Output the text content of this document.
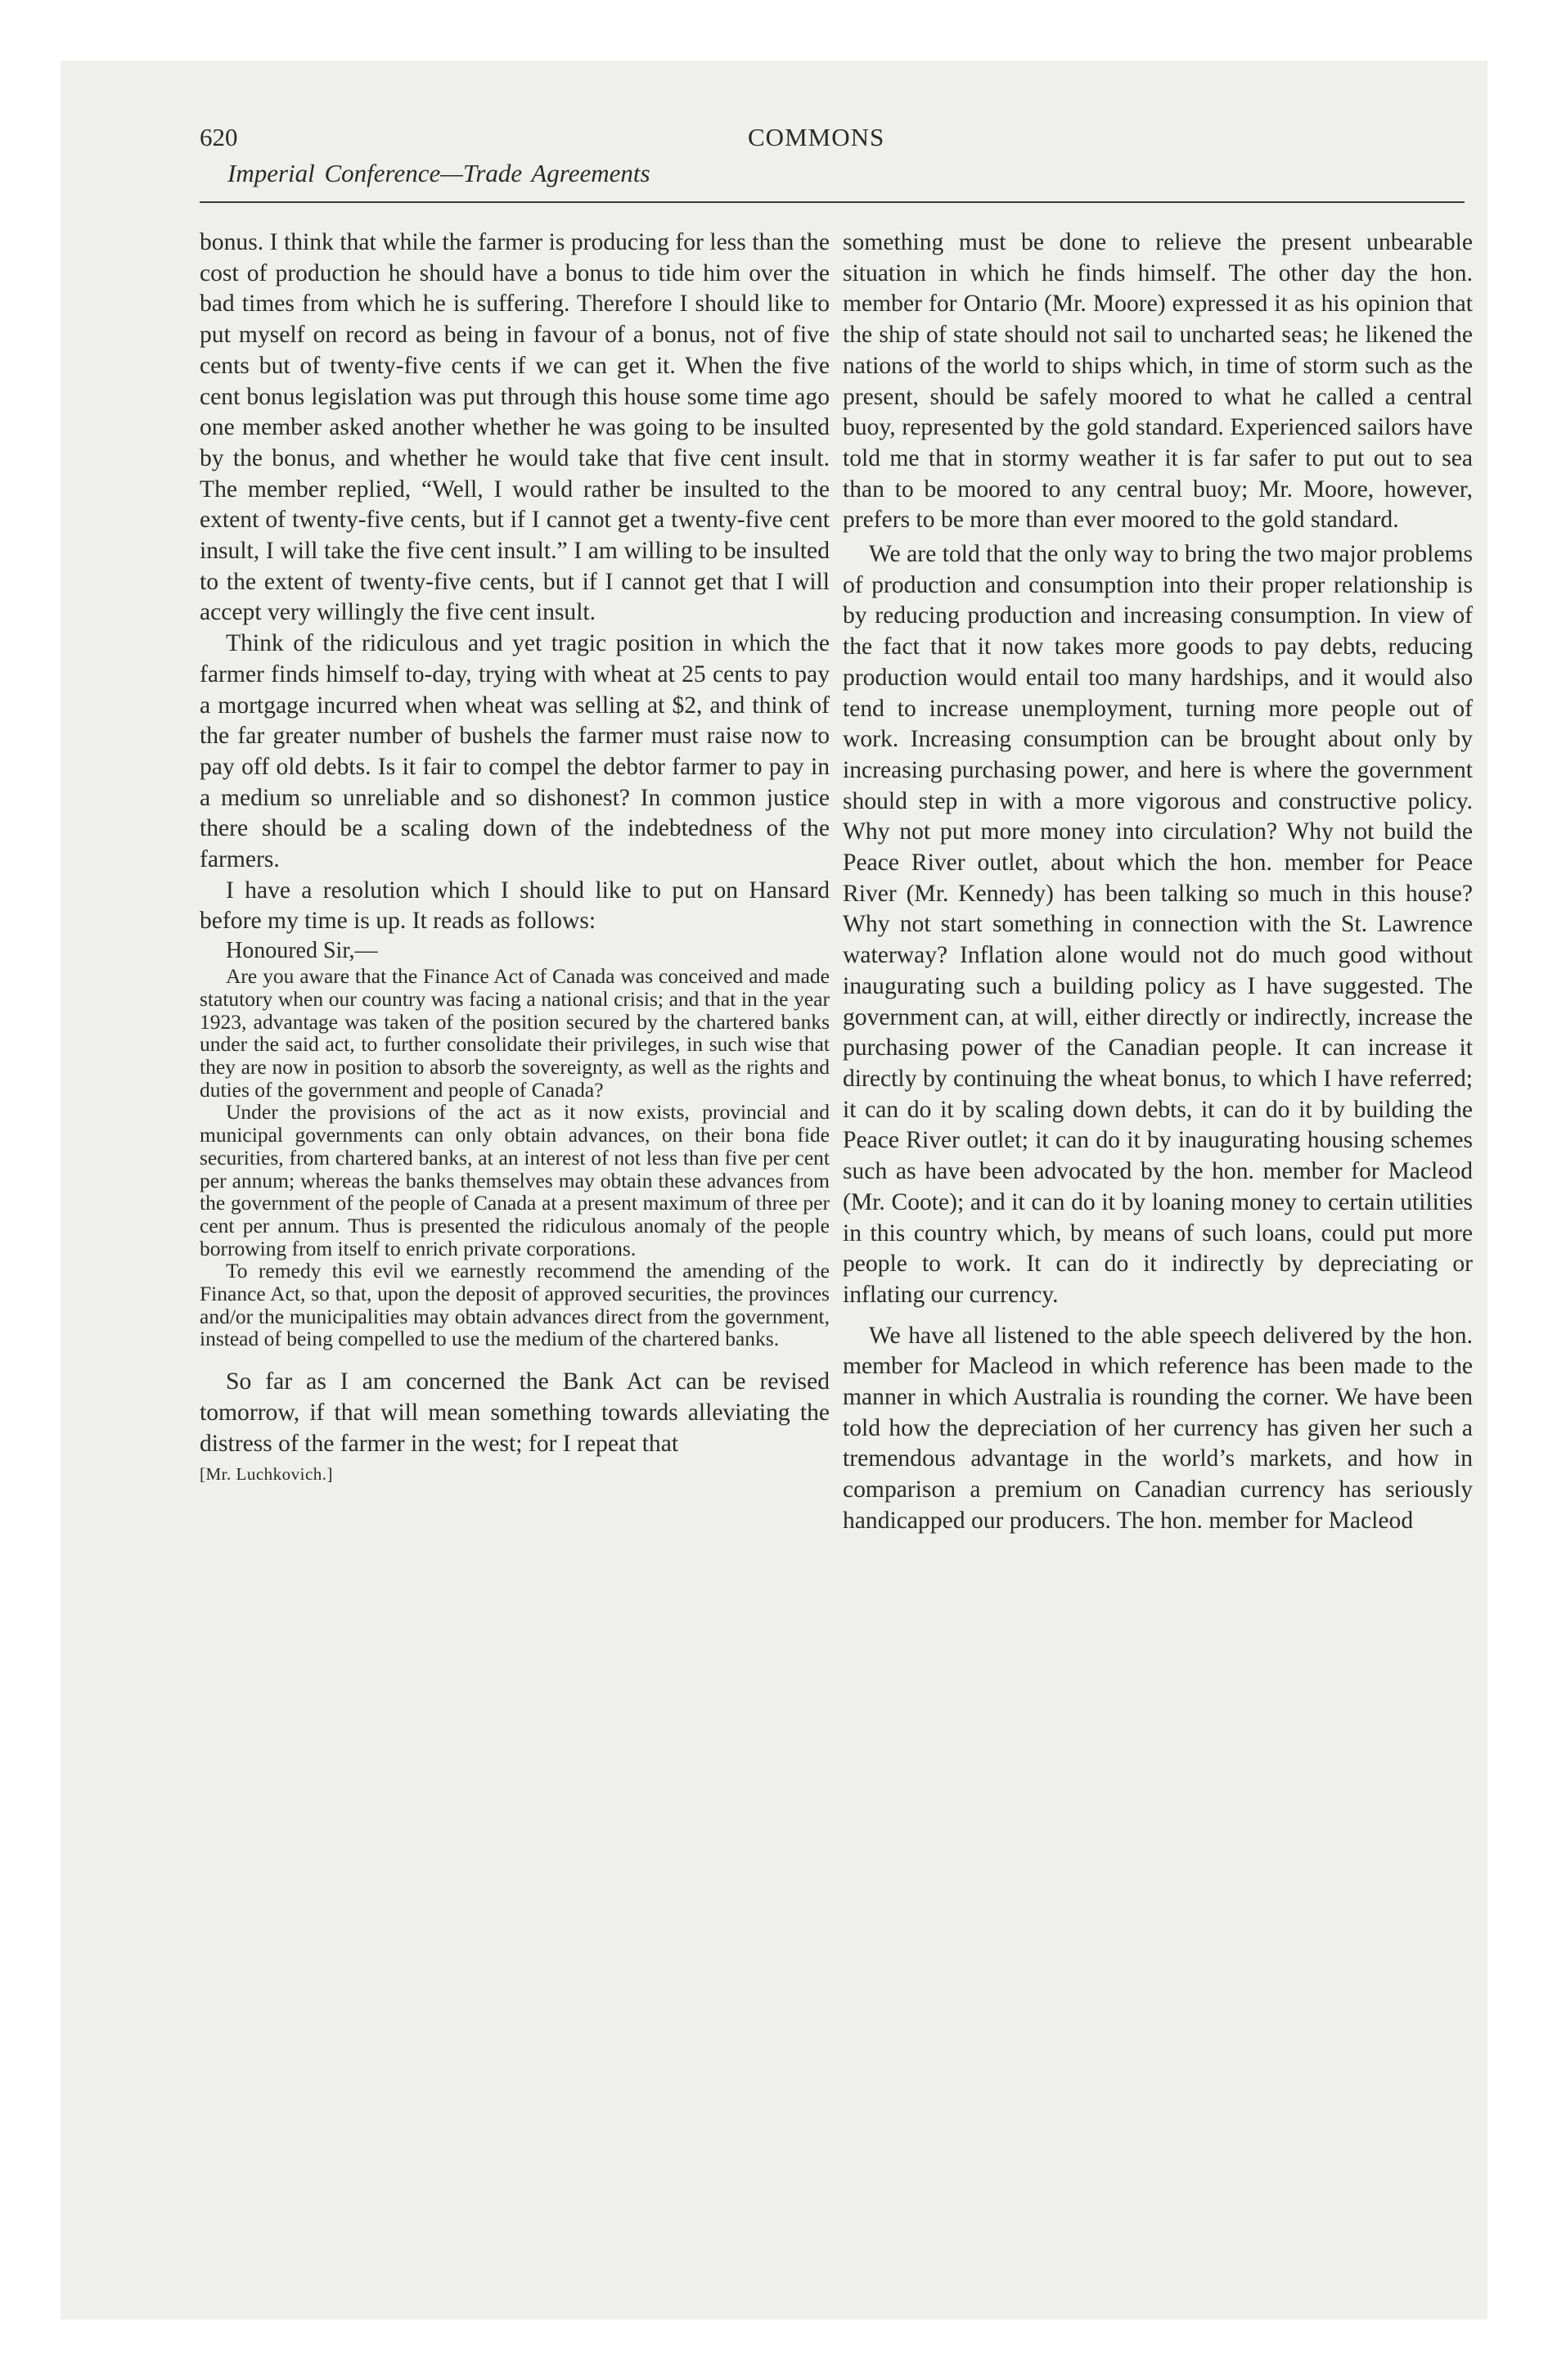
620	COMMONS
Imperial Conference—Trade Agreements

bonus. I think that while the farmer is producing for less than the cost of production he should have a bonus to tide him over the bad times from which he is suffering. Therefore I should like to put myself on record as being in favour of a bonus, not of five cents but of twenty-five cents if we can get it. When the five cent bonus legislation was put through this house some time ago one member asked another whether he was going to be insulted by the bonus, and whether he would take that five cent insult. The member replied, “Well, I would rather be insulted to the extent of twenty-five cents, but if I cannot get a twenty-five cent insult, I will take the five cent insult.” I am willing to be insulted to the extent of twenty-five cents, but if I cannot get that I will accept very willingly the five cent insult.

Think of the ridiculous and yet tragic position in which the farmer finds himself to-day, trying with wheat at 25 cents to pay a mortgage incurred when wheat was selling at $2, and think of the far greater number of bushels the farmer must raise now to pay off old debts. Is it fair to compel the debtor farmer to pay in a medium so unreliable and so dishonest? In common justice there should be a scaling down of the indebtedness of the farmers.

I have a resolution which I should like to put on Hansard before my time is up. It reads as follows:

Honoured Sir,—

Are you aware that the Finance Act of Canada was conceived and made statutory when our country was facing a national crisis; and that in the year 1923, advantage was taken of the position secured by the chartered banks under the said act, to further consolidate their privileges, in such wise that they are now in position to absorb the sovereignty, as well as the rights and duties of the government and people of Canada?

Under the provisions of the act as it now exists, provincial and municipal governments can only obtain advances, on their bona fide securities, from chartered banks, at an interest of not less than five per cent per annum; whereas the banks themselves may obtain these advances from the government of the people of Canada at a present maximum of three per cent per annum. Thus is presented the ridiculous anomaly of the people borrowing from itself to enrich private corporations.

To remedy this evil we earnestly recommend the amending of the Finance Act, so that, upon the deposit of approved securities, the provinces and/or the municipalities may obtain advances direct from the government, instead of being compelled to use the medium of the chartered banks.

So far as I am concerned the Bank Act can be revised tomorrow, if that will mean something towards alleviating the distress of the farmer in the west; for I repeat that

[Mr. Luchkovich.]

something must be done to relieve the present unbearable situation in which he finds himself. The other day the hon. member for Ontario (Mr. Moore) expressed it as his opinion that the ship of state should not sail to uncharted seas; he likened the nations of the world to ships which, in time of storm such as the present, should be safely moored to what he called a central buoy, represented by the gold standard. Experienced sailors have told me that in stormy weather it is far safer to put out to sea than to be moored to any central buoy; Mr. Moore, however, prefers to be more than ever moored to the gold standard.

We are told that the only way to bring the two major problems of production and consumption into their proper relationship is by reducing production and increasing consumption. In view of the fact that it now takes more goods to pay debts, reducing production would entail too many hardships, and it would also tend to increase unemployment, turning more people out of work. Increasing consumption can be brought about only by increasing purchasing power, and here is where the government should step in with a more vigorous and constructive policy. Why not put more money into circulation? Why not build the Peace River outlet, about which the hon. member for Peace River (Mr. Kennedy) has been talking so much in this house? Why not start something in connection with the St. Lawrence waterway? Inflation alone would not do much good without inaugurating such a building policy as I have suggested. The government can, at will, either directly or indirectly, increase the purchasing power of the Canadian people. It can increase it directly by continuing the wheat bonus, to which I have referred; it can do it by scaling down debts, it can do it by building the Peace River outlet; it can do it by inaugurating housing schemes such as have been advocated by the hon. member for Macleod (Mr. Coote); and it can do it by loaning money to certain utilities in this country which, by means of such loans, could put more people to work. It can do it indirectly by depreciating or inflating our currency.

We have all listened to the able speech delivered by the hon. member for Macleod in which reference has been made to the manner in which Australia is rounding the corner. We have been told how the depreciation of her currency has given her such a tremendous advantage in the world’s markets, and how in comparison a premium on Canadian currency has seriously handicapped our producers. The hon. member for Macleod
